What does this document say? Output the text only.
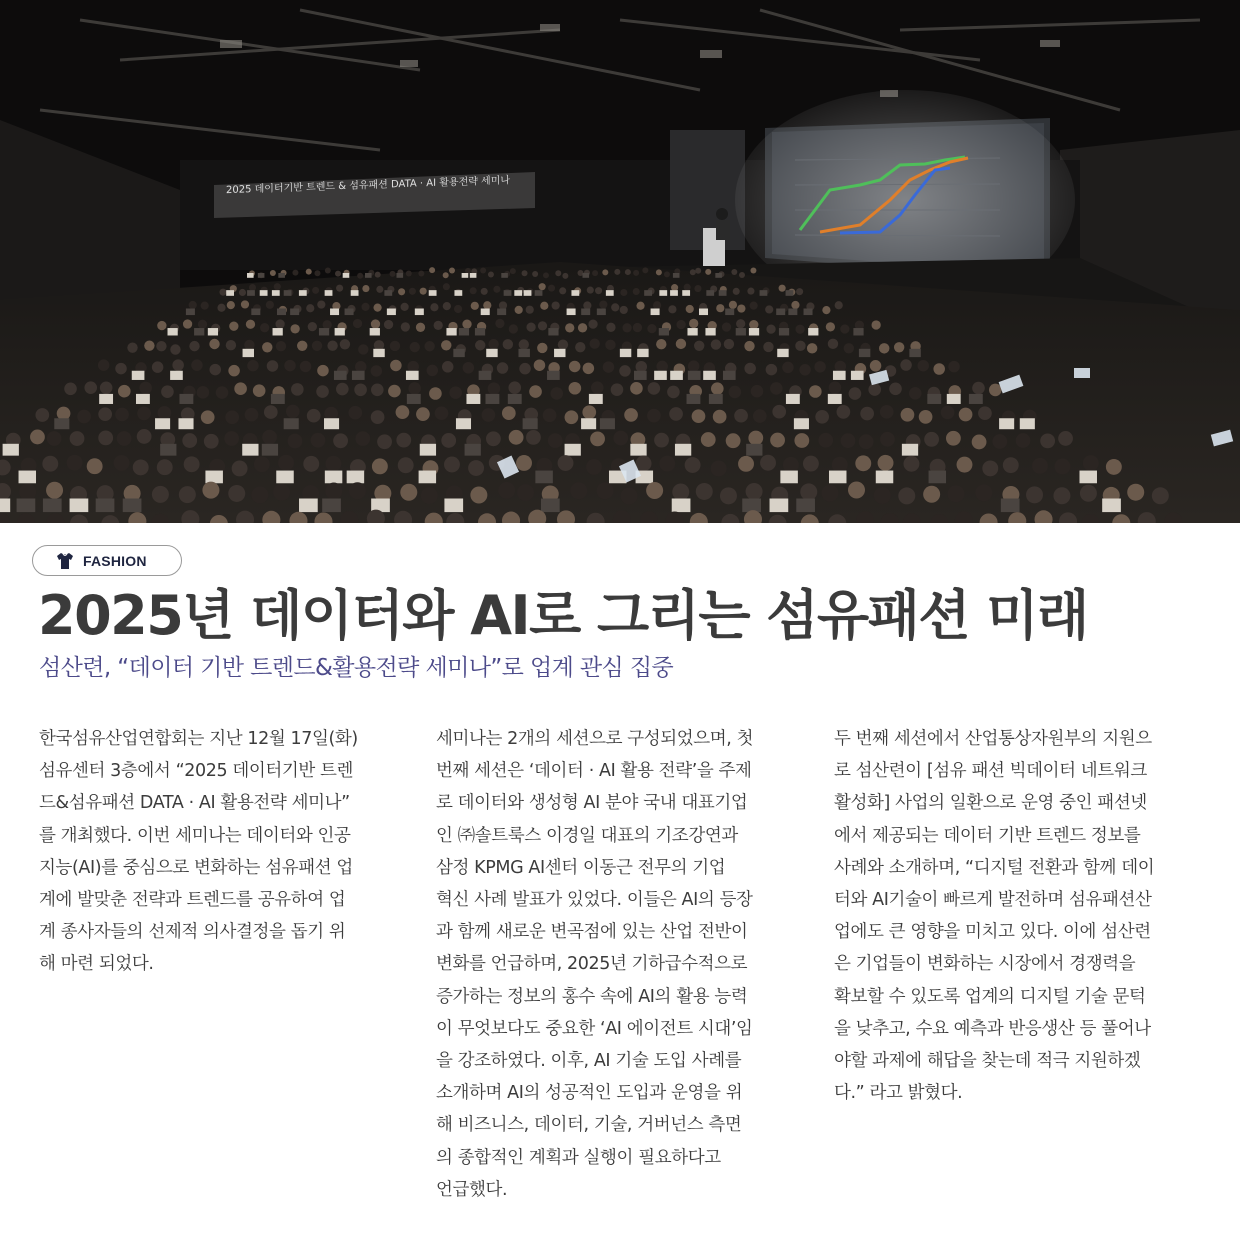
2025 데이터기반 트렌드 & 섬유패션 DATA · AI 활용전략 세미나
FASHION
2025년 데이터와 AI로 그리는 섬유패션 미래
섬산련, “데이터 기반 트렌드&활용전략 세미나”로 업계 관심 집중
한국섬유산업연합회는 지난 12월 17일(화)
섬유센터 3층에서 “2025 데이터기반 트렌
드&섬유패션 DATA · AI 활용전략 세미나”
를 개최했다. 이번 세미나는 데이터와 인공
지능(AI)를 중심으로 변화하는 섬유패션 업
계에 발맞춘 전략과 트렌드를 공유하여 업
계 종사자들의 선제적 의사결정을 돕기 위
해 마련 되었다.
세미나는 2개의 세션으로 구성되었으며, 첫
번째 세션은 ‘데이터 · AI 활용 전략’을 주제
로 데이터와 생성형 AI 분야 국내 대표기업
인 ㈜솔트룩스 이경일 대표의 기조강연과
삼정 KPMG AI센터 이동근 전무의 기업
혁신 사례 발표가 있었다. 이들은 AI의 등장
과 함께 새로운 변곡점에 있는 산업 전반이
변화를 언급하며, 2025년 기하급수적으로
증가하는 정보의 홍수 속에 AI의 활용 능력
이 무엇보다도 중요한 ‘AI 에이전트 시대’임
을 강조하였다. 이후, AI 기술 도입 사례를
소개하며 AI의 성공적인 도입과 운영을 위
해 비즈니스, 데이터, 기술, 거버넌스 측면
의 종합적인 계획과 실행이 필요하다고
언급했다.
두 번째 세션에서 산업통상자원부의 지원으
로 섬산련이 [섬유 패션 빅데이터 네트워크
활성화] 사업의 일환으로 운영 중인 패션넷
에서 제공되는 데이터 기반 트렌드 정보를
사례와 소개하며, “디지털 전환과 함께 데이
터와 AI기술이 빠르게 발전하며 섬유패션산
업에도 큰 영향을 미치고 있다. 이에 섬산련
은 기업들이 변화하는 시장에서 경쟁력을
확보할 수 있도록 업계의 디지털 기술 문턱
을 낮추고, 수요 예측과 반응생산 등 풀어나
야할 과제에 해답을 찾는데 적극 지원하겠
다.” 라고 밝혔다.
